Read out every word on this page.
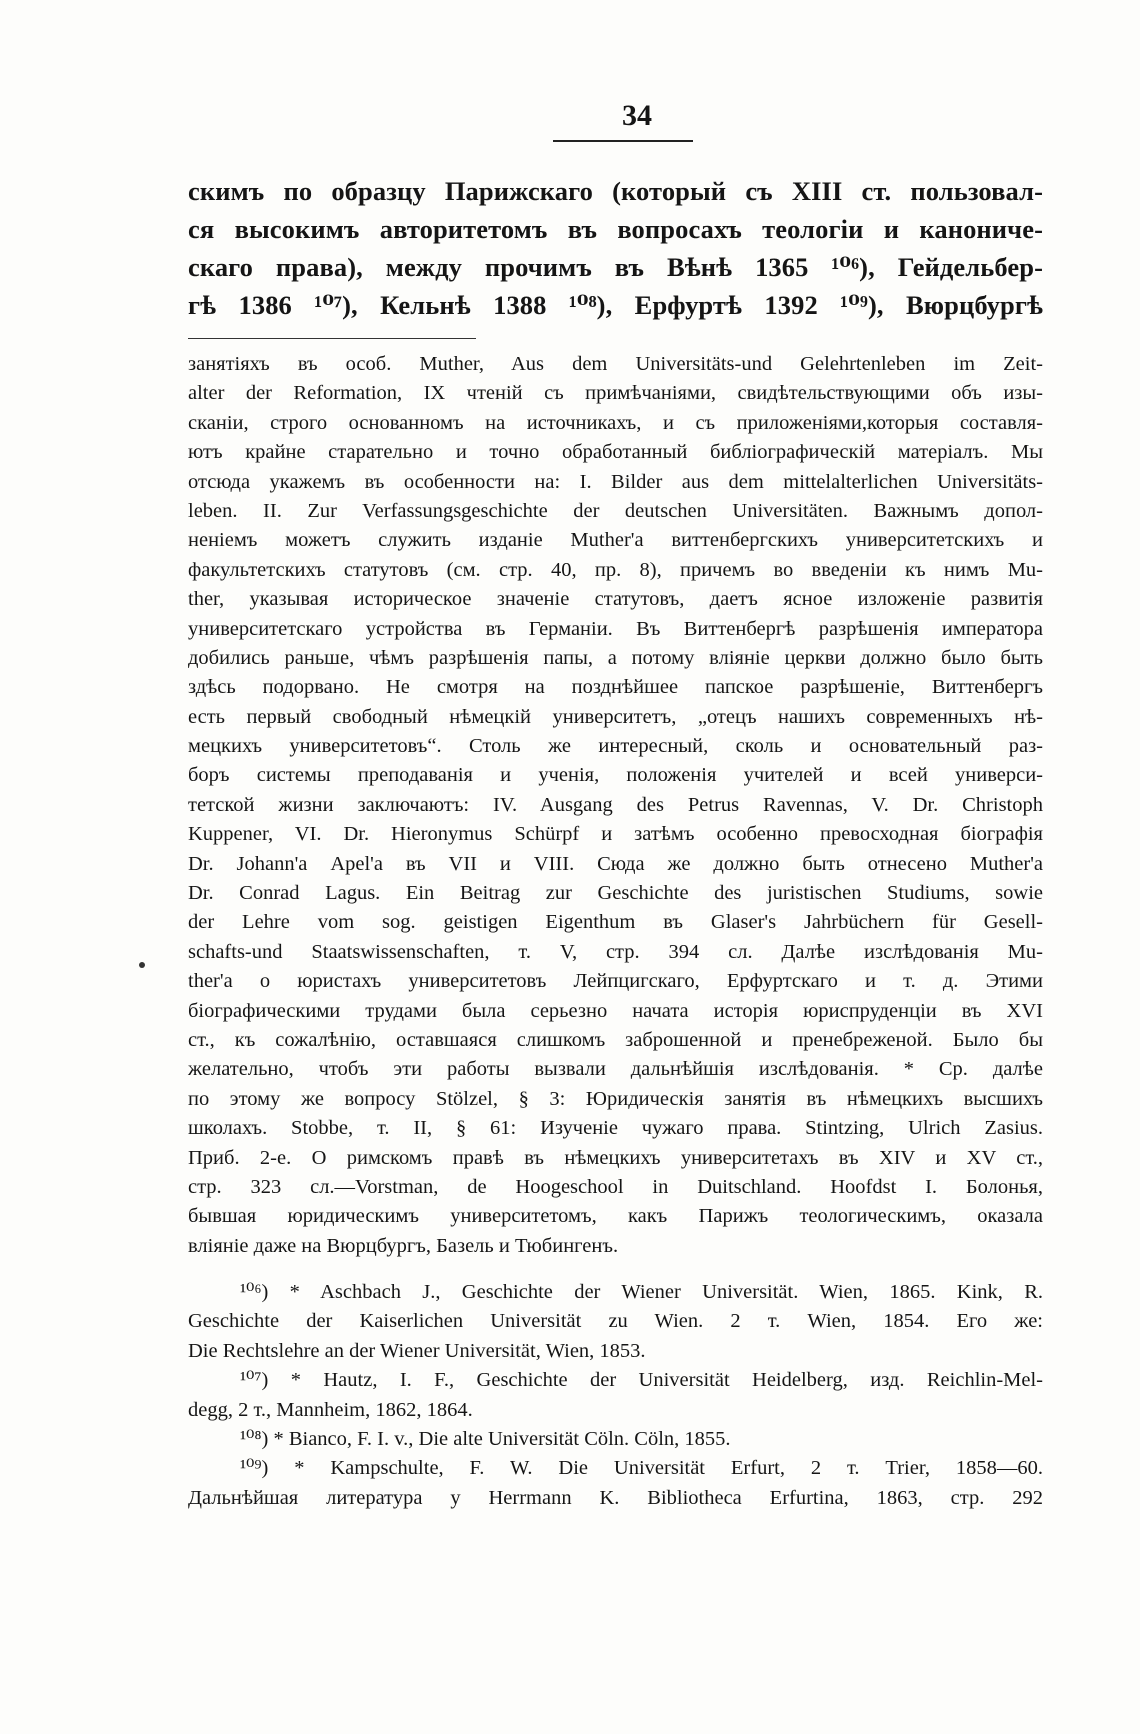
34
скимъ по образцу Парижскаго (который съ XIII ст. пользовал-
ся высокимъ авторитетомъ въ вопросахъ теологіи и канониче-
скаго права), между прочимъ въ Вѣнѣ 1365 ¹⁰⁶), Гейдельбер-
гѣ 1386 ¹⁰⁷), Кельнѣ 1388 ¹⁰⁸), Ерфуртѣ 1392 ¹⁰⁹), Вюрцбургѣ
занятіяхъ въ особ. Muther, Aus dem Universitäts-und Gelehrtenleben im Zeit-
alter der Reformation, IX чтеній съ примѣчаніями, свидѣтельствующими объ изы-
сканіи, строго основанномъ на источникахъ, и съ приложеніями,которыя составля-
ютъ крайне старательно и точно обработанный библіографическій матеріалъ. Мы
отсюда укажемъ въ особенности на: I. Bilder aus dem mittelalterlichen Universitäts-
leben. II. Zur Verfassungsgeschichte der deutschen Universitäten. Важнымъ допол-
неніемъ можетъ служить изданіе Muther'а виттенбергскихъ университетскихъ и
факультетскихъ статутовъ (см. стр. 40, пр. 8), причемъ во введеніи къ нимъ Mu-
ther, указывая историческое значеніе статутовъ, даетъ ясное изложеніе развитія
университетскаго устройства въ Германіи. Въ Виттенбергѣ разрѣшенія императора
добились раньше, чѣмъ разрѣшенія папы, а потому вліяніе церкви должно было быть
здѣсь подорвано. Не смотря на позднѣйшее папское разрѣшеніе, Виттенбергъ
есть первый свободный нѣмецкій университетъ, „отецъ нашихъ современныхъ нѣ-
мецкихъ университетовъ“. Столь же интересный, сколь и основательный раз-
боръ системы преподаванія и ученія, положенія учителей и всей универси-
тетской жизни заключаютъ: IV. Ausgang des Petrus Ravennas, V. Dr. Christoph
Kuppener, VI. Dr. Hieronymus Schürpf и затѣмъ особенно превосходная біографія
Dr. Johann'а Apel'а въ VII и VIII. Сюда же должно быть отнесено Muther'а
Dr. Conrad Lagus. Ein Beitrag zur Geschichte des juristischen Studiums, sowie
der Lehre vom sog. geistigen Eigenthum въ Glaser's Jahrbüchern für Gesell-
schafts-und Staatswissenschaften, т. V, стр. 394 сл. Далѣе изслѣдованія Mu-
ther'а о юристахъ университетовъ Лейпцигскаго, Ерфуртскаго и т. д. Этими
біографическими трудами была серьезно начата исторія юриспруденціи въ XVI
ст., къ сожалѣнію, оставшаяся слишкомъ заброшенной и пренебреженой. Было бы
желательно, чтобъ эти работы вызвали дальнѣйшія изслѣдованія. * Ср. далѣе
по этому же вопросу Stölzel, § 3: Юридическія занятія въ нѣмецкихъ высшихъ
школахъ. Stobbe, т. II, § 61: Изученіе чужаго права. Stintzing, Ulrich Zasius.
Приб. 2-е. О римскомъ правѣ въ нѣмецкихъ университетахъ въ XIV и XV ст.,
стр. 323 сл.—Vorstman, de Hoogeschool in Duitschland. Hoofdst I. Болонья,
бывшая юридическимъ университетомъ, какъ Парижъ теологическимъ, оказала
вліяніе даже на Вюрцбургъ, Базель и Тюбингенъ.
¹⁰⁶) * Aschbach J., Geschichte der Wiener Universität. Wien, 1865. Kink, R.
Geschichte der Kaiserlichen Universität zu Wien. 2 т. Wien, 1854. Его же:
Die Rechtslehre an der Wiener Universität, Wien, 1853.
¹⁰⁷) * Hautz, I. F., Geschichte der Universität Heidelberg, изд. Reichlin-Mel-
degg, 2 т., Mannheim, 1862, 1864.
¹⁰⁸) * Bianco, F. I. v., Die alte Universität Cöln. Cöln, 1855.
¹⁰⁹) * Kampschulte, F. W. Die Universität Erfurt, 2 т. Trier, 1858—60.
Дальнѣйшая литература у Herrmann K. Bibliotheca Erfurtina, 1863, стр. 292
